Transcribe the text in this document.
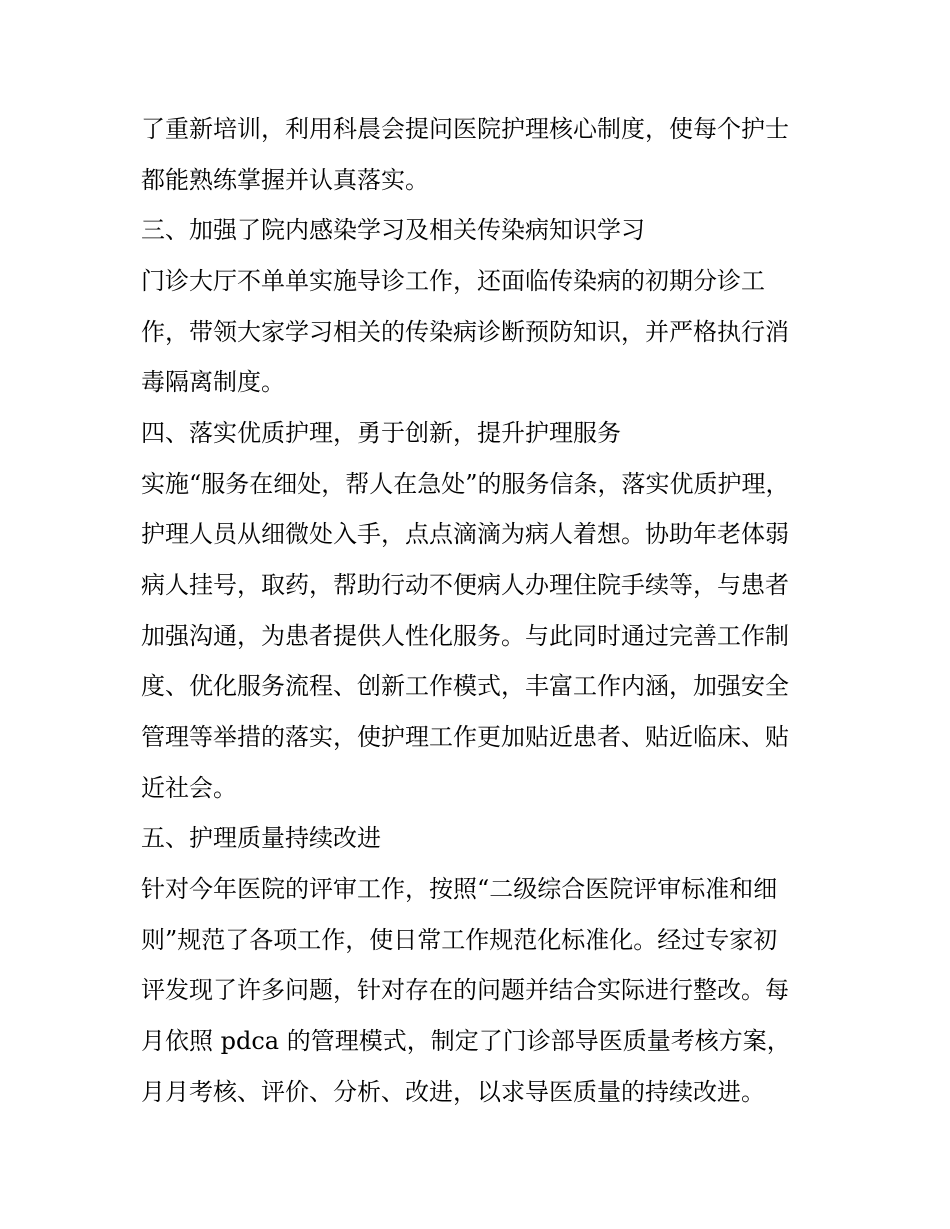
了重新培训，利用科晨会提问医院护理核心制度，使每个护士
都能熟练掌握并认真落实。
三、加强了院内感染学习及相关传染病知识学习
门诊大厅不单单实施导诊工作，还面临传染病的初期分诊工
作，带领大家学习相关的传染病诊断预防知识，并严格执行消
毒隔离制度。
四、落实优质护理，勇于创新，提升护理服务
实施“服务在细处，帮人在急处”的服务信条，落实优质护理，
护理人员从细微处入手，点点滴滴为病人着想。协助年老体弱
病人挂号，取药，帮助行动不便病人办理住院手续等，与患者
加强沟通，为患者提供人性化服务。与此同时通过完善工作制
度、优化服务流程、创新工作模式，丰富工作内涵，加强安全
管理等举措的落实，使护理工作更加贴近患者、贴近临床、贴
近社会。
五、护理质量持续改进
针对今年医院的评审工作，按照“二级综合医院评审标准和细
则”规范了各项工作，使日常工作规范化标准化。经过专家初
评发现了许多问题，针对存在的问题并结合实际进行整改。每
月依照 pdca 的管理模式，制定了门诊部导医质量考核方案，
月月考核、评价、分析、改进，以求导医质量的持续改进。
